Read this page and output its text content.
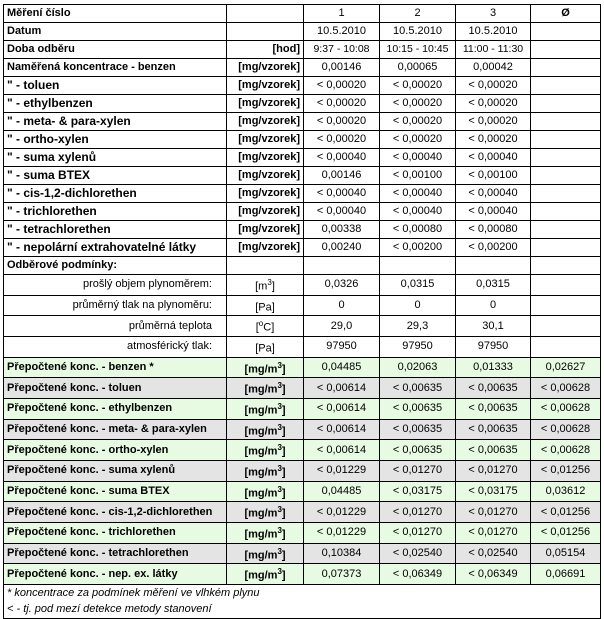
Měření číslo		1	2	3	Ø
Datum		10.5.2010	10.5.2010	10.5.2010	
Doba odběru	[hod]	9:37 - 10:08	10:15 - 10:45	11:00 - 11:30	
Naměřená koncentrace - benzen	[mg/vzorek]	0,00146	0,00065	0,00042	
" - toluen	[mg/vzorek]	< 0,00020	< 0,00020	< 0,00020	
" - ethylbenzen	[mg/vzorek]	< 0,00020	< 0,00020	< 0,00020	
" - meta- & para-xylen	[mg/vzorek]	< 0,00020	< 0,00020	< 0,00020	
" - ortho-xylen	[mg/vzorek]	< 0,00020	< 0,00020	< 0,00020	
" - suma xylenů	[mg/vzorek]	< 0,00040	< 0,00040	< 0,00040	
" - suma BTEX	[mg/vzorek]	0,00146	< 0,00100	< 0,00100	
" - cis-1,2-dichlorethen	[mg/vzorek]	< 0,00040	< 0,00040	< 0,00040	
" - trichlorethen	[mg/vzorek]	< 0,00040	< 0,00040	< 0,00040	
" - tetrachlorethen	[mg/vzorek]	0,00338	< 0,00080	< 0,00080	
" - nepolární extrahovatelné látky	[mg/vzorek]	0,00240	< 0,00200	< 0,00200	
Odběrové podmínky:					
prošlý objem plynoměrem:	$[m^3]$	0,0326	0,0315	0,0315	
průměrný tlak na plynoměru:	[Pa]	0	0	0	
průměrná teplota	[$^o$C]	29,0	29,3	30,1	
atmosférický tlak:	[Pa]	97950	97950	97950	
Přepočtené konc. - benzen *	$[mg/m^3]$	0,04485	0,02063	0,01333	0,02627
Přepočtené konc. - toluen	$[mg/m^3]$	< 0,00614	< 0,00635	< 0,00635	< 0,00628
Přepočtené konc. - ethylbenzen	$[mg/m^3]$	< 0,00614	< 0,00635	< 0,00635	< 0,00628
Přepočtené konc. - meta- & para-xylen	$[mg/m^3]$	< 0,00614	< 0,00635	< 0,00635	< 0,00628
Přepočtené konc. - ortho-xylen	$[mg/m^3]$	< 0,00614	< 0,00635	< 0,00635	< 0,00628
Přepočtené konc. - suma xylenů	$[mg/m^3]$	< 0,01229	< 0,01270	< 0,01270	< 0,01256
Přepočtené konc. - suma BTEX	$[mg/m^3]$	0,04485	< 0,03175	< 0,03175	0,03612
Přepočtené konc. - cis-1,2-dichlorethen	$[mg/m^3]$	< 0,01229	< 0,01270	< 0,01270	< 0,01256
Přepočtené konc. - trichlorethen	$[mg/m^3]$	< 0,01229	< 0,01270	< 0,01270	< 0,01256
Přepočtené konc. - tetrachlorethen	$[mg/m^3]$	0,10384	< 0,02540	< 0,02540	0,05154
Přepočtené konc. - nep. ex. látky	$[mg/m^3]$	0,07373	< 0,06349	< 0,06349	0,06691
* koncentrace za podmínek měření ve vlhkém plynu					
< - tj. pod mezí detekce metody stanovení					
